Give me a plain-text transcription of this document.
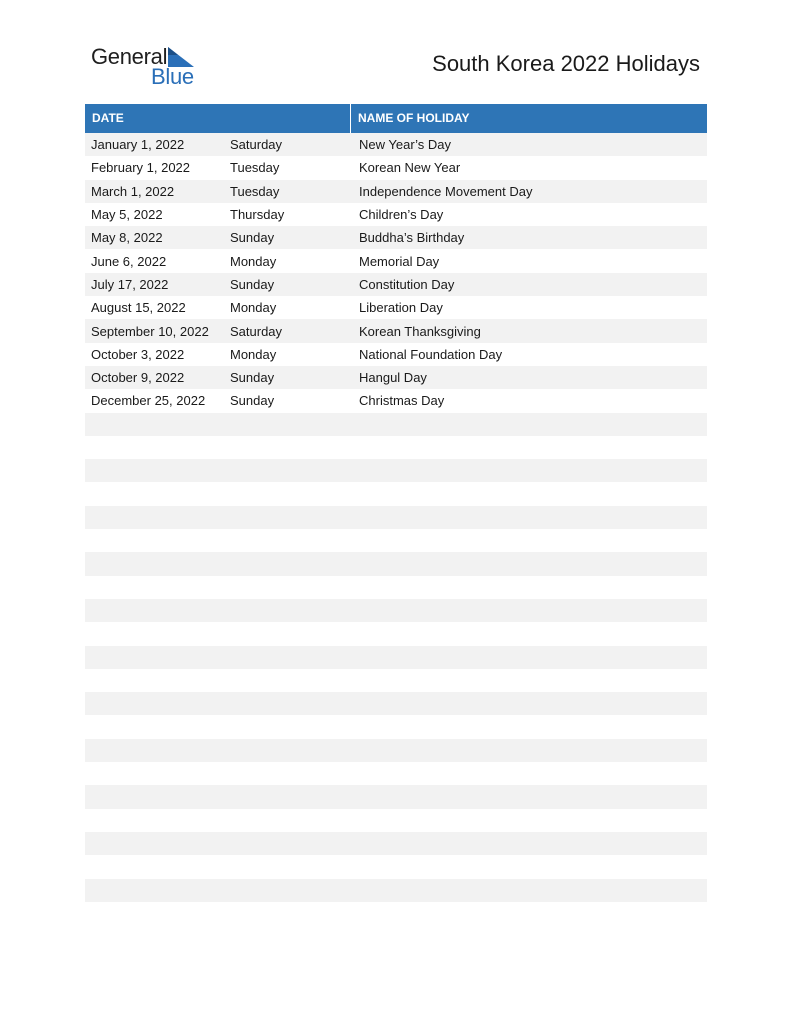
General
Blue
South Korea 2022 Holidays
DATE	NAME OF HOLIDAY
January 1, 2022	Saturday	New Year’s Day
February 1, 2022	Tuesday	Korean New Year
March 1, 2022	Tuesday	Independence Movement Day
May 5, 2022	Thursday	Children’s Day
May 8, 2022	Sunday	Buddha’s Birthday
June 6, 2022	Monday	Memorial Day
July 17, 2022	Sunday	Constitution Day
August 15, 2022	Monday	Liberation Day
September 10, 2022	Saturday	Korean Thanksgiving
October 3, 2022	Monday	National Foundation Day
October 9, 2022	Sunday	Hangul Day
December 25, 2022	Sunday	Christmas Day
